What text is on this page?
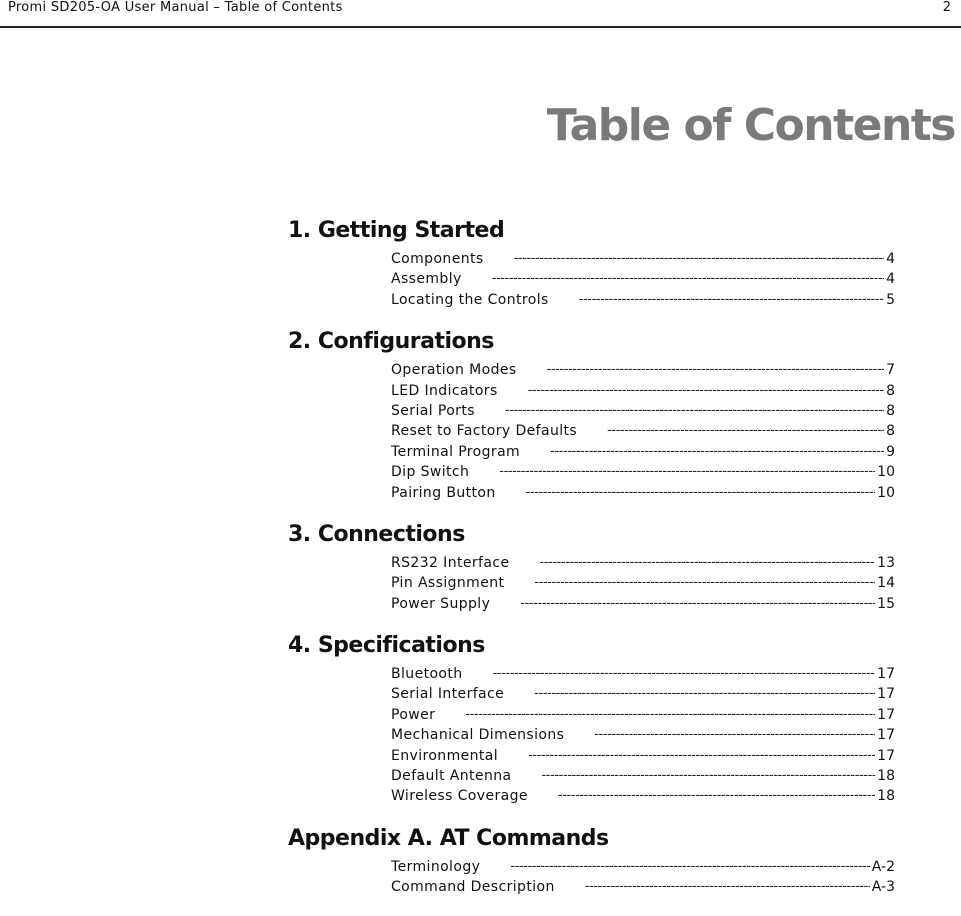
Promi SD205-OA User Manual – Table of Contents	2
Table of Contents
1. Getting Started
Components -----	4
Assembly -----	4
Locating the Controls -----	5
2. Configurations
Operation Modes -----	7
LED Indicators -----	8
Serial Ports -----	8
Reset to Factory Defaults -----	8
Terminal Program -----	9
Dip Switch -----	10
Pairing Button -----	10
3. Connections
RS232 Interface -----	13
Pin Assignment -----	14
Power Supply -----	15
4. Specifications
Bluetooth -----	17
Serial Interface -----	17
Power -----	17
Mechanical Dimensions -----	17
Environmental -----	17
Default Antenna -----	18
Wireless Coverage -----	18
Appendix A. AT Commands
Terminology -----	A-2
Command Description -----	A-3
